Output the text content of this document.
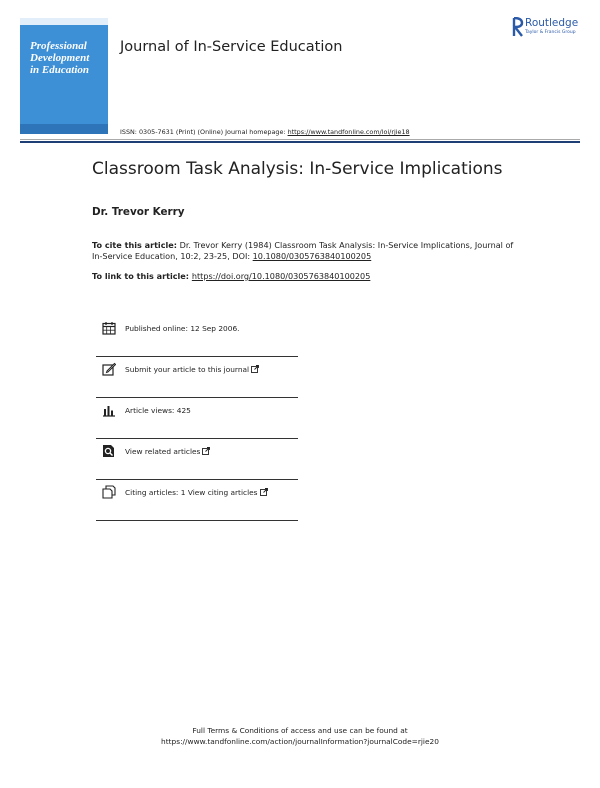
Professional
Development
in Education
Journal of In-Service Education
Routledge
Taylor & Francis Group
ISSN: 0305-7631 (Print) (Online) Journal homepage: https://www.tandfonline.com/loi/rjie18
Classroom Task Analysis: In-Service Implications
Dr. Trevor Kerry
To cite this article: Dr. Trevor Kerry (1984) Classroom Task Analysis: In-Service Implications, Journal of In-Service Education, 10:2, 23-25, DOI: 10.1080/0305763840100205
To link to this article: https://doi.org/10.1080/0305763840100205
Published online: 12 Sep 2006.
Submit your article to this journal
Article views: 425
View related articles
Citing articles: 1 View citing articles
Full Terms & Conditions of access and use can be found at
https://www.tandfonline.com/action/journalInformation?journalCode=rjie20
